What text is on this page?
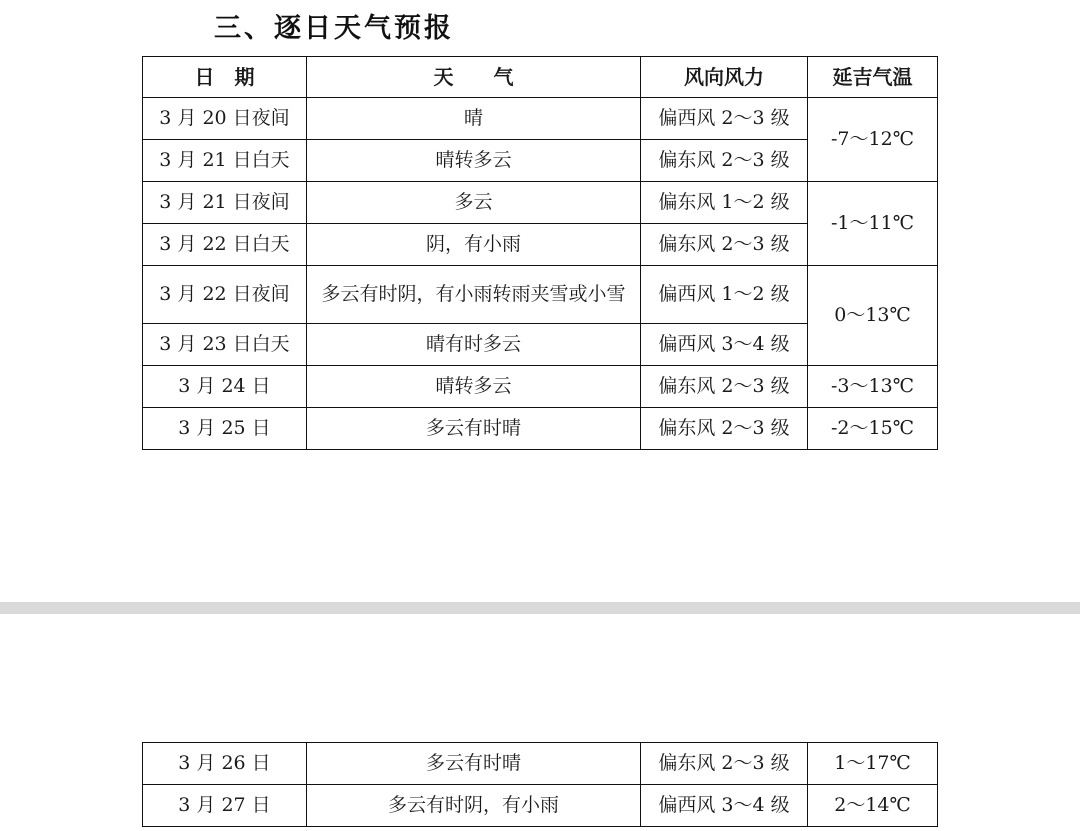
三、逐日天气预报
日　期	天　　气	风向风力	延吉气温
3 月 20 日夜间	晴	偏西风 2～3 级	-7～12℃
3 月 21 日白天	晴转多云	偏东风 2～3 级	
3 月 21 日夜间	多云	偏东风 1～2 级	-1～11℃
3 月 22 日白天	阴，有小雨	偏东风 2～3 级	
3 月 22 日夜间	多云有时阴，有小雨转雨夹雪或小雪	偏西风 1～2 级	0～13℃
3 月 23 日白天	晴有时多云	偏西风 3～4 级	
3 月 24 日	晴转多云	偏东风 2～3 级	-3～13℃
3 月 25 日	多云有时晴	偏东风 2～3 级	-2～15℃
3 月 26 日	多云有时晴	偏东风 2～3 级	1～17℃
3 月 27 日	多云有时阴，有小雨	偏西风 3～4 级	2～14℃
